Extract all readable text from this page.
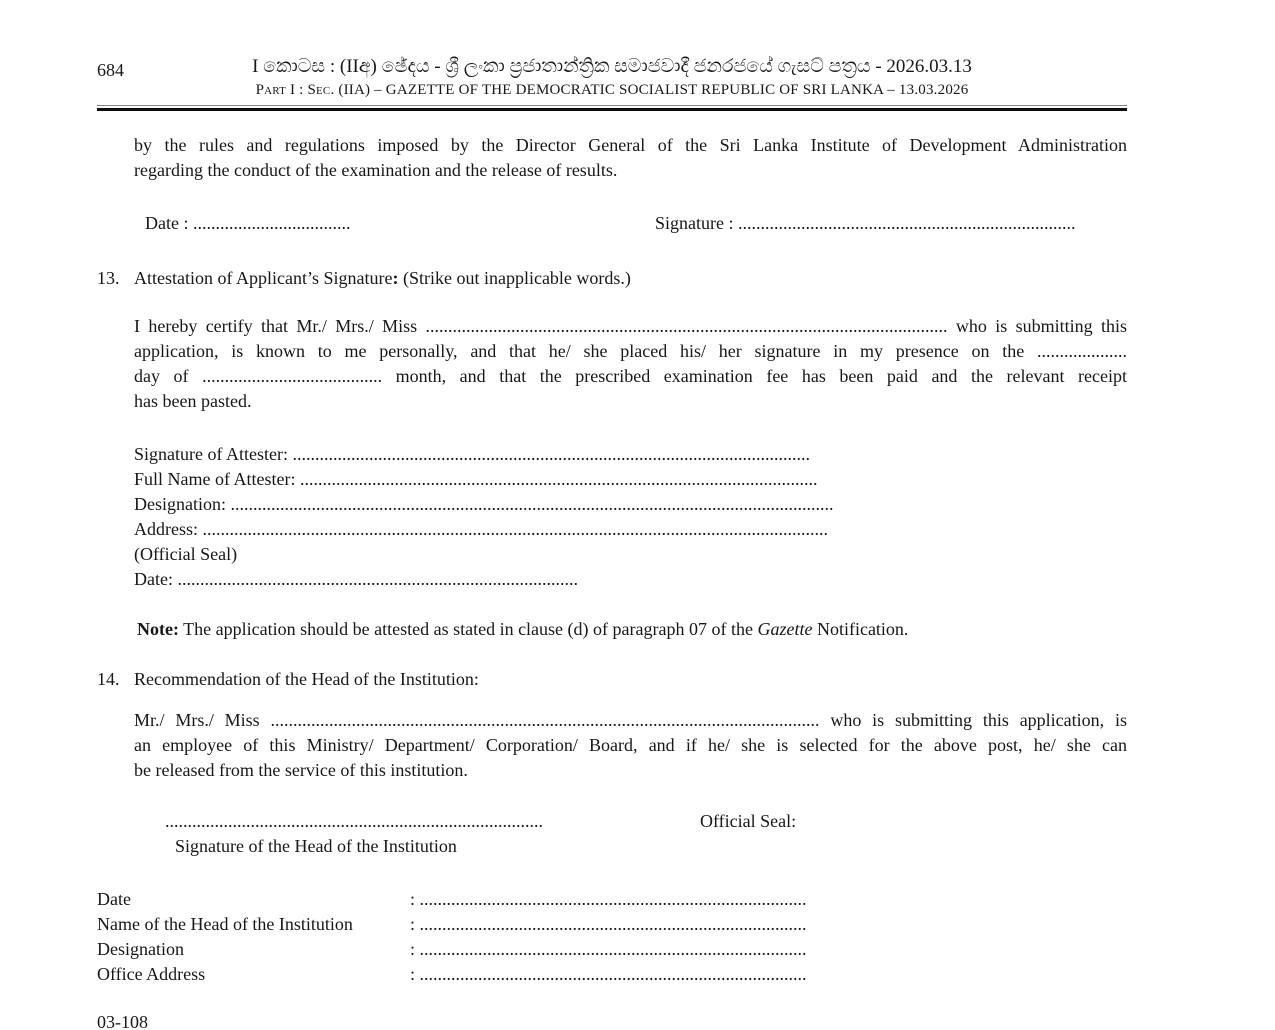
684	I කොටස : (IIඅ) ඡේදය - ශ්‍රී ලංකා ප්‍රජාතාන්ත්‍රික සමාජවාදී ජනරජයේ ගැසට් පත්‍රය - 2026.03.13
Part I : Sec. (IIA) – GAZETTE OF THE DEMOCRATIC SOCIALIST REPUBLIC OF SRI LANKA – 13.03.2026
by the rules and regulations imposed by the Director General of the Sri Lanka Institute of Development Administration
regarding the conduct of the examination and the release of results.
Date : ...................................	Signature : ...........................................................................
13. Attestation of Applicant’s Signature: (Strike out inapplicable words.)
I hereby certify that Mr./ Mrs./ Miss .................................................................................................................... who is submitting this
application, is known to me personally, and that he/ she placed his/ her signature in my presence on the ....................
day of ........................................ month, and that the prescribed examination fee has been paid and the relevant receipt
has been pasted.
Signature of Attester: ...................................................................................................................
Full Name of Attester: ...................................................................................................................
Designation: ......................................................................................................................................
Address: ...........................................................................................................................................
(Official Seal)
Date: .........................................................................................
Note: The application should be attested as stated in clause (d) of paragraph 07 of the Gazette Notification.
14. Recommendation of the Head of the Institution:
Mr./ Mrs./ Miss .......................................................................................................................... who is submitting this application, is
an employee of this Ministry/ Department/ Corporation/ Board, and if he/ she is selected for the above post, he/ she can
be released from the service of this institution.
....................................................................................	Official Seal:
Signature of the Head of the Institution
Date	: ......................................................................................
Name of the Head of the Institution	: ......................................................................................
Designation	: ......................................................................................
Office Address	: ......................................................................................
03-108
